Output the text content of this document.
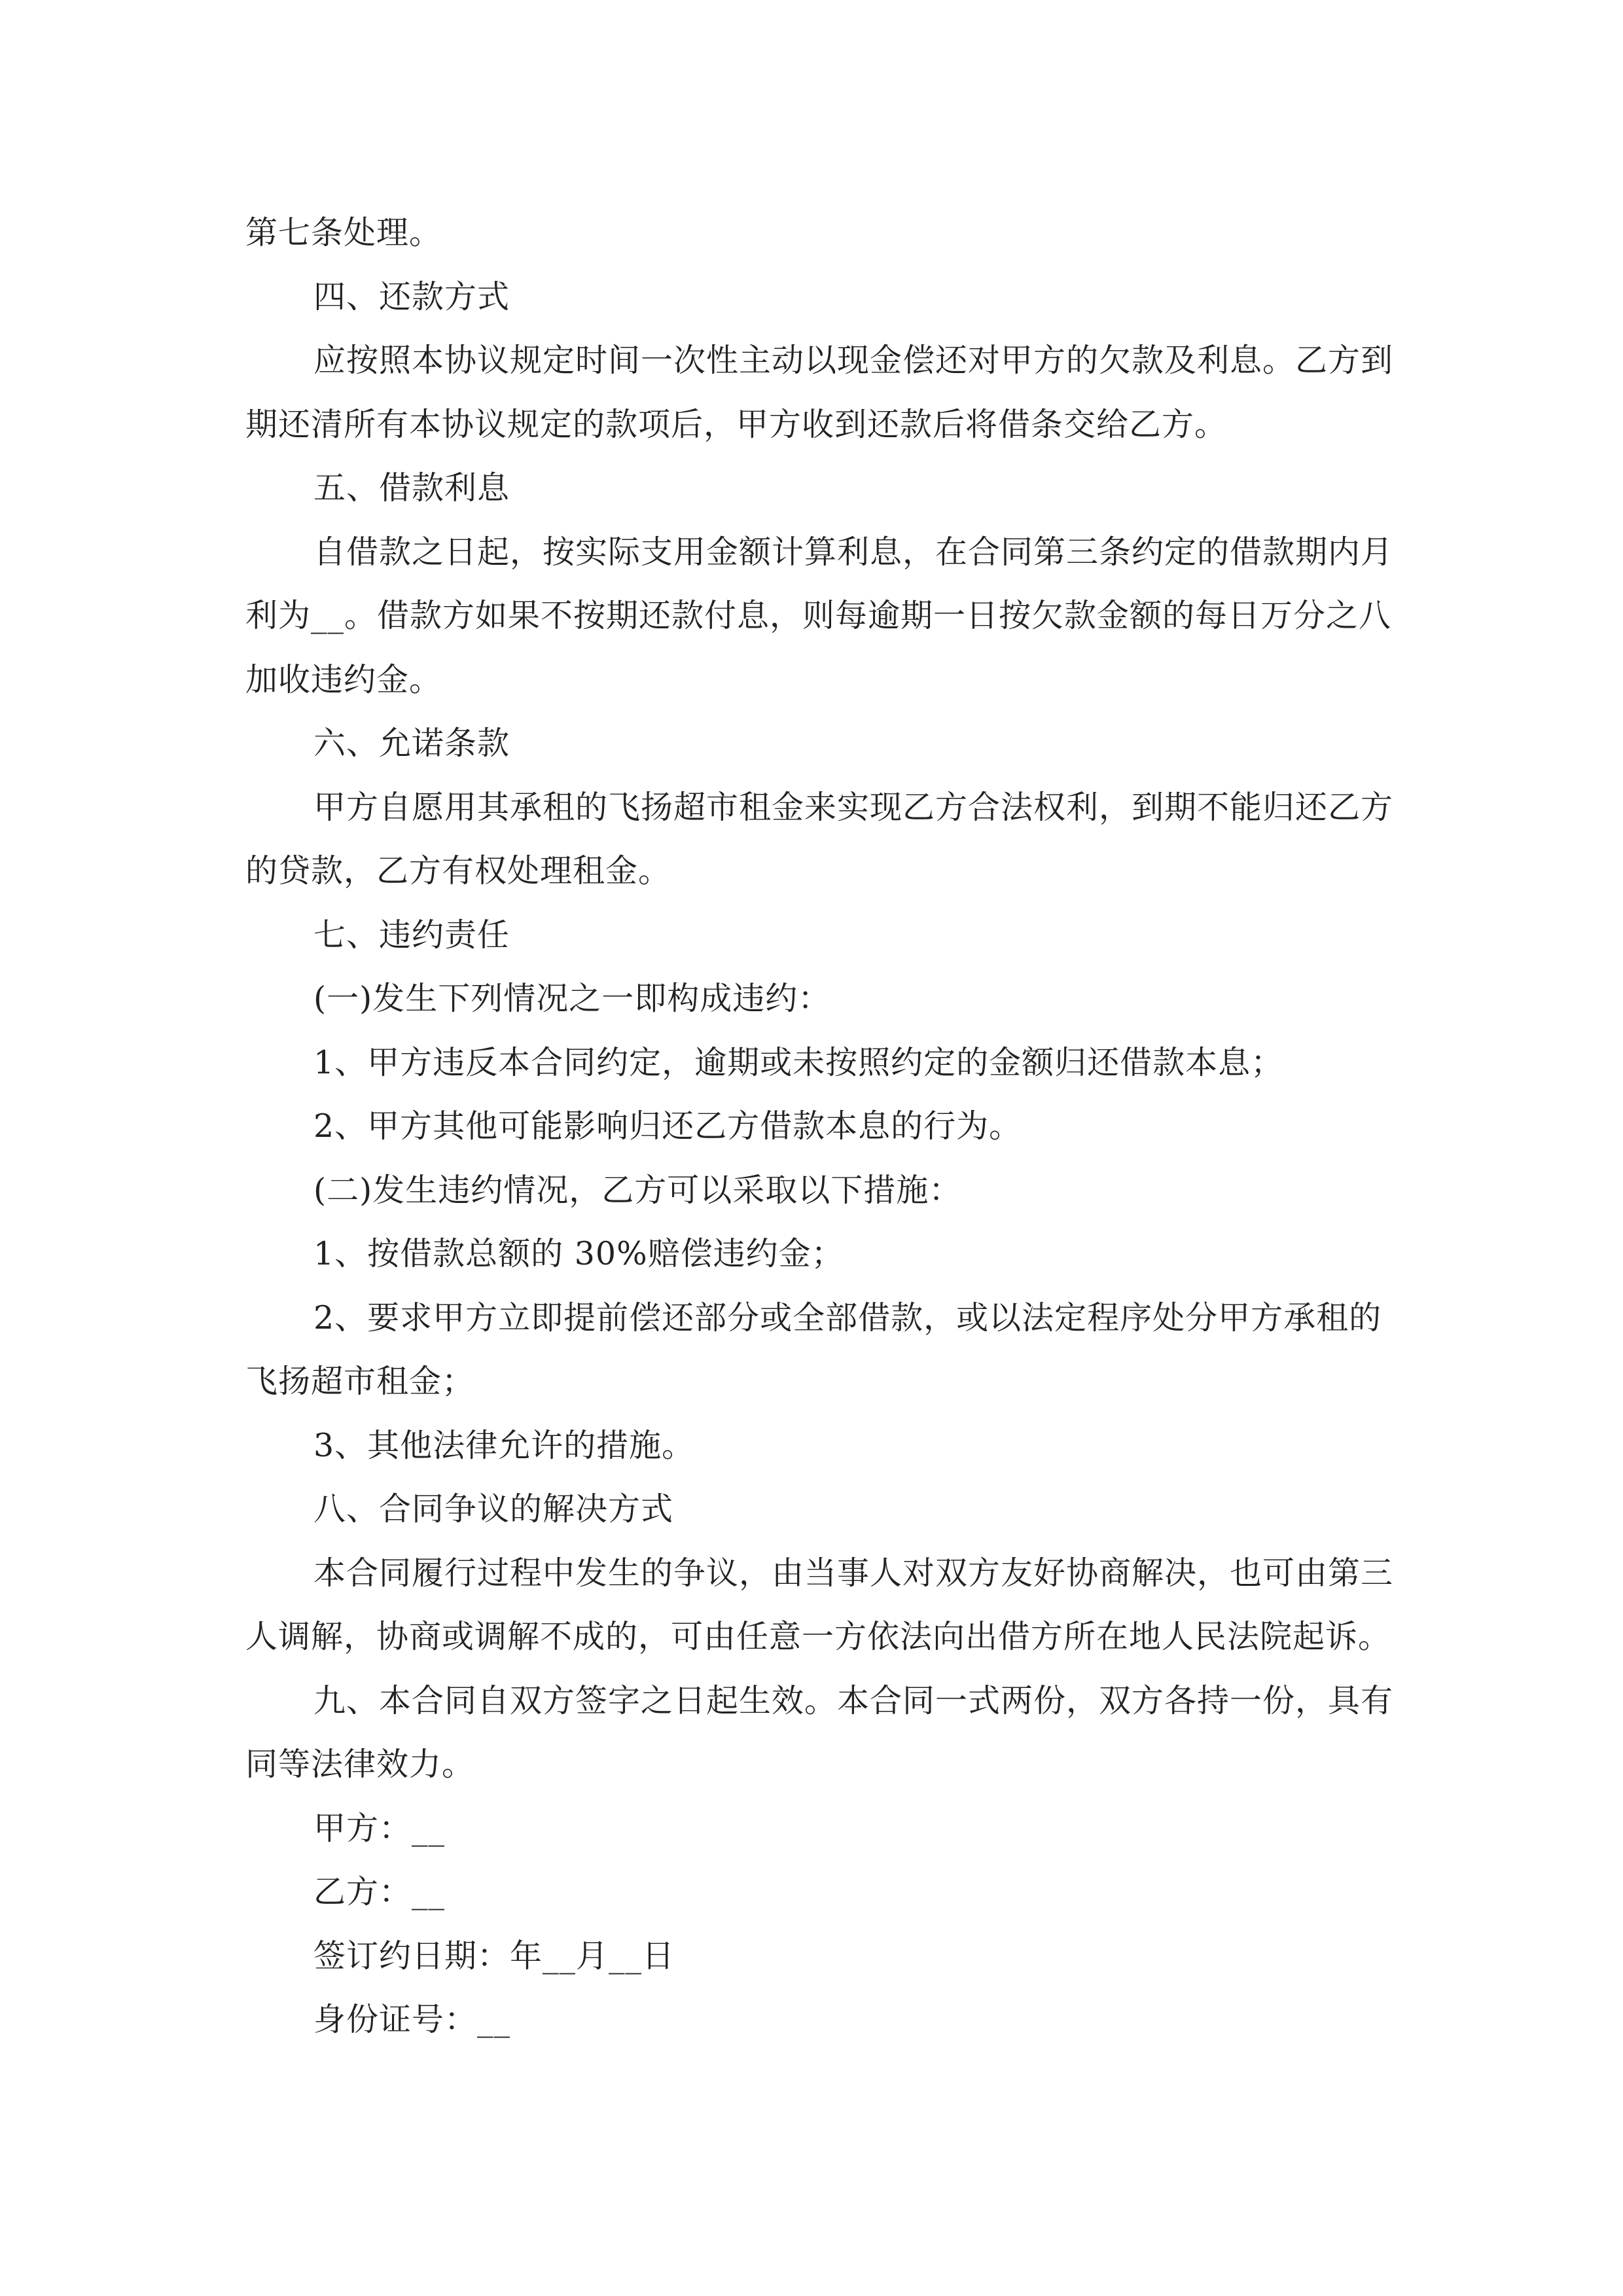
第七条处理。
四、还款方式
应按照本协议规定时间一次性主动以现金偿还对甲方的欠款及利息。乙方到
期还清所有本协议规定的款项后，甲方收到还款后将借条交给乙方。
五、借款利息
自借款之日起，按实际支用金额计算利息，在合同第三条约定的借款期内月
利为__。借款方如果不按期还款付息，则每逾期一日按欠款金额的每日万分之八
加收违约金。
六、允诺条款
甲方自愿用其承租的飞扬超市租金来实现乙方合法权利，到期不能归还乙方
的贷款，乙方有权处理租金。
七、违约责任
(一)发生下列情况之一即构成违约：
1、甲方违反本合同约定，逾期或未按照约定的金额归还借款本息；
2、甲方其他可能影响归还乙方借款本息的行为。
(二)发生违约情况，乙方可以采取以下措施：
1、按借款总额的 30%赔偿违约金；
2、要求甲方立即提前偿还部分或全部借款，或以法定程序处分甲方承租的
飞扬超市租金；
3、其他法律允许的措施。
八、合同争议的解决方式
本合同履行过程中发生的争议，由当事人对双方友好协商解决，也可由第三
人调解，协商或调解不成的，可由任意一方依法向出借方所在地人民法院起诉。
九、本合同自双方签字之日起生效。本合同一式两份，双方各持一份，具有
同等法律效力。
甲方：__
乙方：__
签订约日期：年__月__日
身份证号：__
